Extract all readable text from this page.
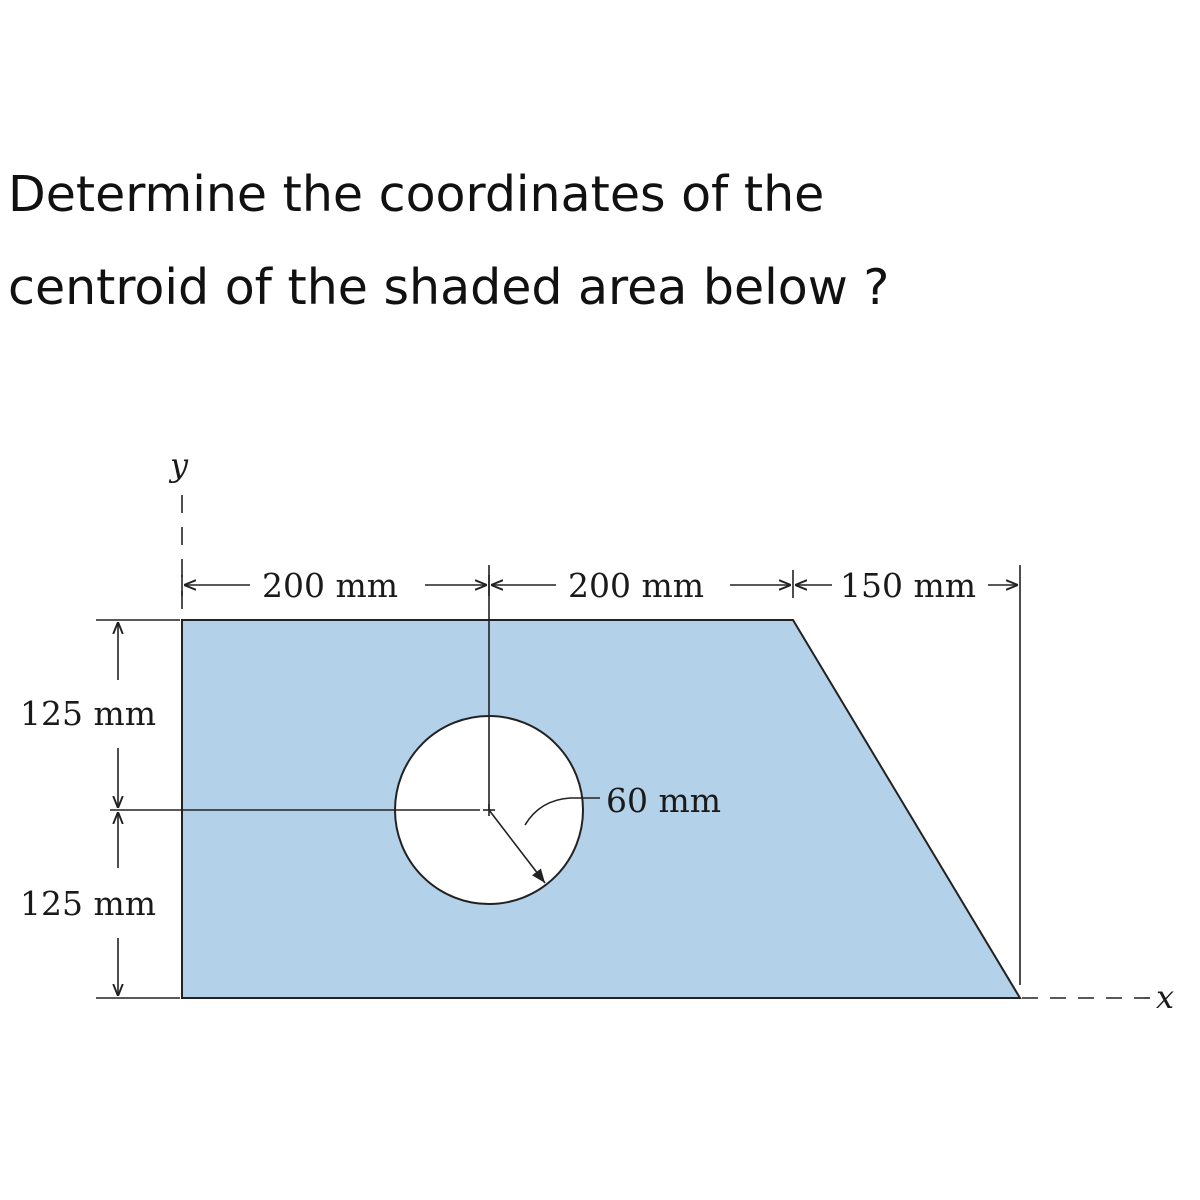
Determine the coordinates of the
centroid of the shaded area below ?
y
60 mm
200 mm	200 mm	150 mm
125 mm
125 mm
x
